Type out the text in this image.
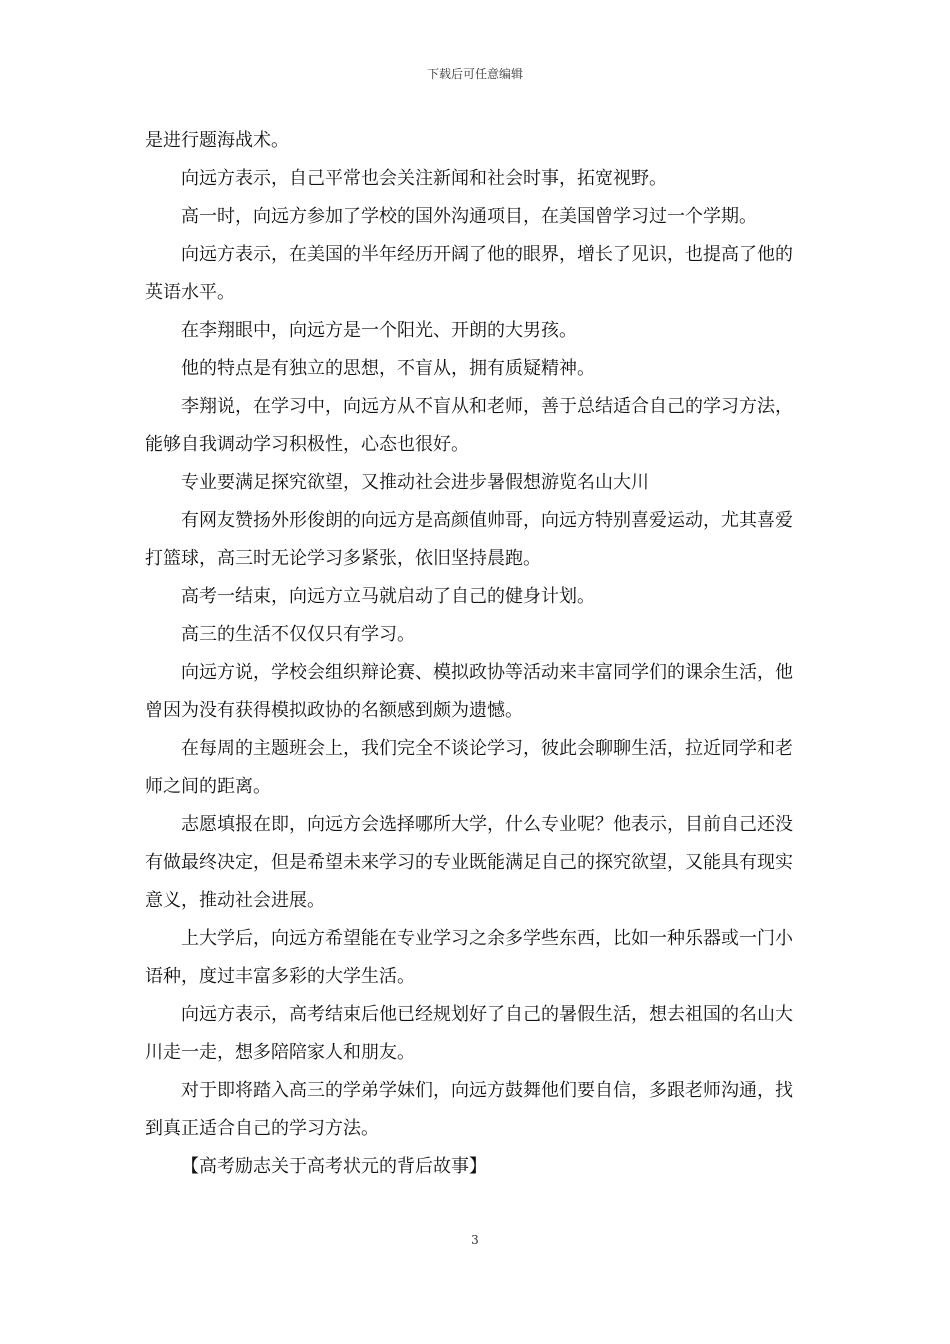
下载后可任意编辑

是进行题海战术。

向远方表示，自己平常也会关注新闻和社会时事，拓宽视野。

高一时，向远方参加了学校的国外沟通项目，在美国曾学习过一个学期。

向远方表示，在美国的半年经历开阔了他的眼界，增长了见识，也提高了他的英语水平。

在李翔眼中，向远方是一个阳光、开朗的大男孩。

他的特点是有独立的思想，不盲从，拥有质疑精神。

李翔说，在学习中，向远方从不盲从和老师，善于总结适合自己的学习方法，能够自我调动学习积极性，心态也很好。

专业要满足探究欲望，又推动社会进步暑假想游览名山大川

有网友赞扬外形俊朗的向远方是高颜值帅哥，向远方特别喜爱运动，尤其喜爱打篮球，高三时无论学习多紧张，依旧坚持晨跑。

高考一结束，向远方立马就启动了自己的健身计划。

高三的生活不仅仅只有学习。

向远方说，学校会组织辩论赛、模拟政协等活动来丰富同学们的课余生活，他曾因为没有获得模拟政协的名额感到颇为遗憾。

在每周的主题班会上，我们完全不谈论学习，彼此会聊聊生活，拉近同学和老师之间的距离。

志愿填报在即，向远方会选择哪所大学，什么专业呢？他表示，目前自己还没有做最终决定，但是希望未来学习的专业既能满足自己的探究欲望，又能具有现实意义，推动社会进展。

上大学后，向远方希望能在专业学习之余多学些东西，比如一种乐器或一门小语种，度过丰富多彩的大学生活。

向远方表示，高考结束后他已经规划好了自己的暑假生活，想去祖国的名山大川走一走，想多陪陪家人和朋友。

对于即将踏入高三的学弟学妹们，向远方鼓舞他们要自信，多跟老师沟通，找到真正适合自己的学习方法。

【高考励志关于高考状元的背后故事】

3
